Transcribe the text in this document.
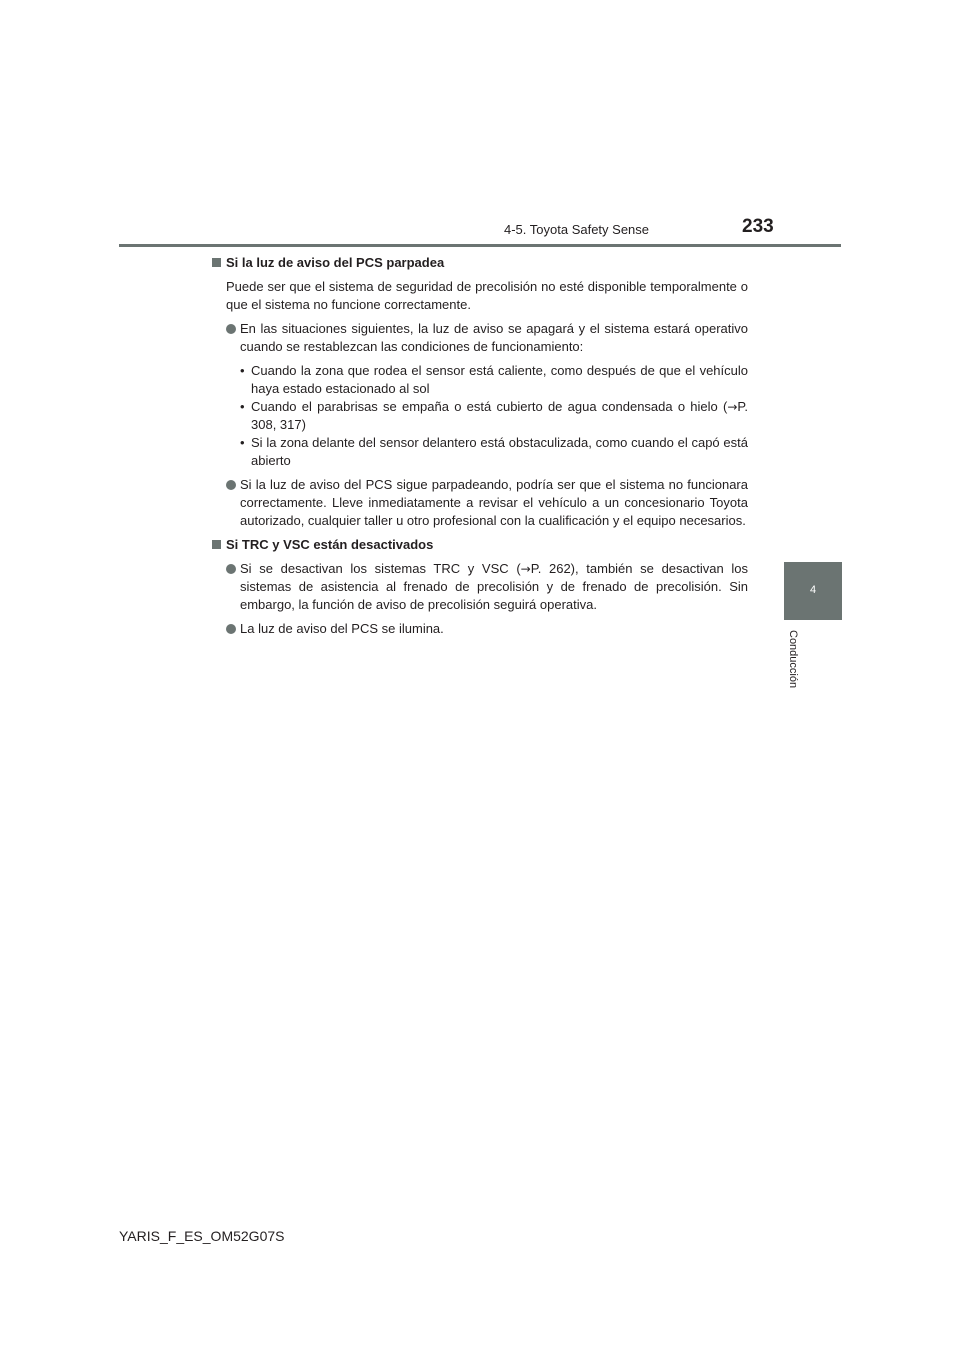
4-5. Toyota Safety Sense	233
4
Conducción
Si la luz de aviso del PCS parpadea
Puede ser que el sistema de seguridad de precolisión no esté disponible temporalmente o que el sistema no funcione correctamente.
En las situaciones siguientes, la luz de aviso se apagará y el sistema estará operativo cuando se restablezcan las condiciones de funcionamiento:
• Cuando la zona que rodea el sensor está caliente, como después de que el vehículo haya estado estacionado al sol
• Cuando el parabrisas se empaña o está cubierto de agua condensada o hielo (→P. 308, 317)
• Si la zona delante del sensor delantero está obstaculizada, como cuando el capó está abierto
Si la luz de aviso del PCS sigue parpadeando, podría ser que el sistema no funcionara correctamente. Lleve inmediatamente a revisar el vehículo a un concesionario Toyota autorizado, cualquier taller u otro profesional con la cualificación y el equipo necesarios.
Si TRC y VSC están desactivados
Si se desactivan los sistemas TRC y VSC (→P. 262), también se desactivan los sistemas de asistencia al frenado de precolisión y de frenado de precolisión. Sin embargo, la función de aviso de precolisión seguirá operativa.
La luz de aviso del PCS se ilumina.
YARIS_F_ES_OM52G07S
